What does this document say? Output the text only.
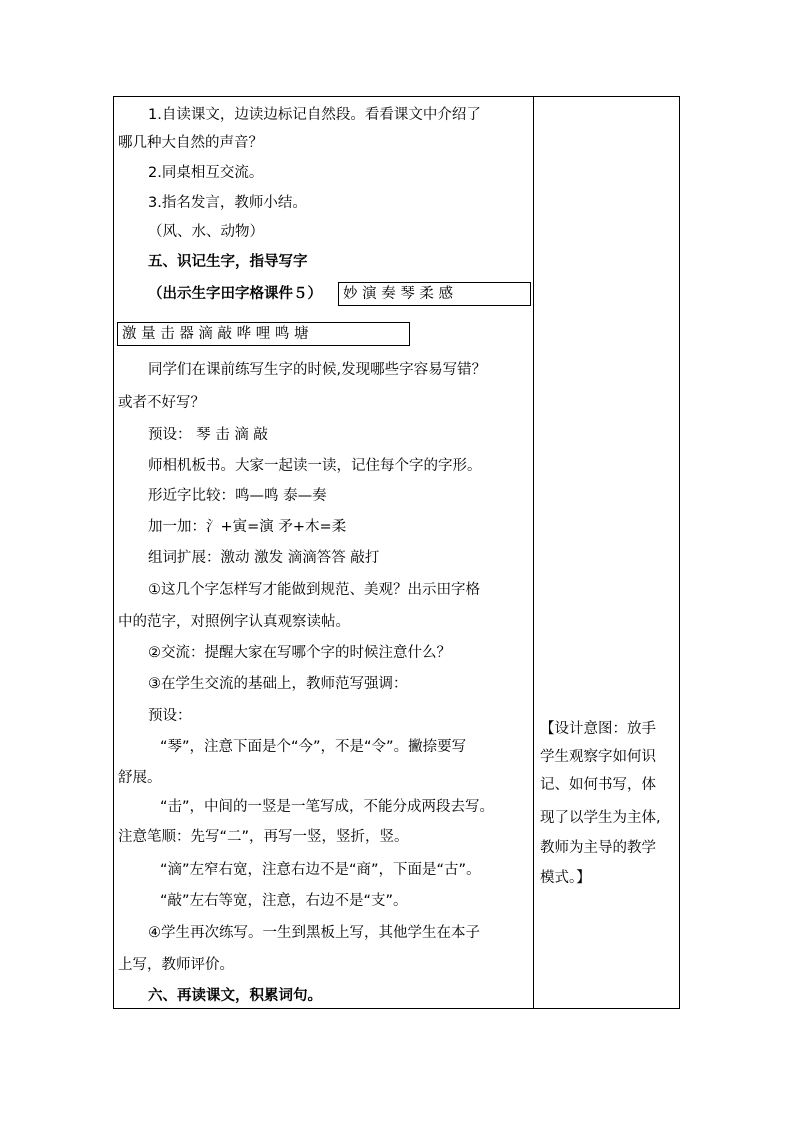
1.自读课文，边读边标记自然段。看看课文中介绍了
哪几种大自然的声音？
2.同桌相互交流。
3.指名发言，教师小结。
（风、水、动物）
五、识记生字，指导写字
（出示生字田字格课件５）	妙 演 奏 琴 柔 感
激 量 击 器 滴 敲 哗 哩 鸣 塘
同学们在课前练写生字的时候,发现哪些字容易写错？
或者不好写？
预设： 琴 击 滴 敲
师相机板书。大家一起读一读，记住每个字的字形。
形近字比较：鸣—鸣 泰—奏
加一加：氵+寅=演 矛+木=柔
组词扩展：激动 激发 滴滴答答 敲打
①这几个字怎样写才能做到规范、美观？出示田字格
中的范字，对照例字认真观察读帖。
②交流：提醒大家在写哪个字的时候注意什么？
③在学生交流的基础上，教师范写强调：
预设：
“琴”，注意下面是个“今”，不是“令”。撇捺要写
舒展。
“击”，中间的一竖是一笔写成，不能分成两段去写。
注意笔顺：先写“二”，再写一竖，竖折，竖。
“滴”左窄右宽，注意右边不是“商”，下面是“古”。
“敲”左右等宽，注意，右边不是“支”。
④学生再次练写。一生到黑板上写，其他学生在本子
上写，教师评价。
六、再读课文，积累词句。
【设计意图：放手
学生观察字如何识
记、如何书写，体
现了以学生为主体,
教师为主导的教学
模式。】
